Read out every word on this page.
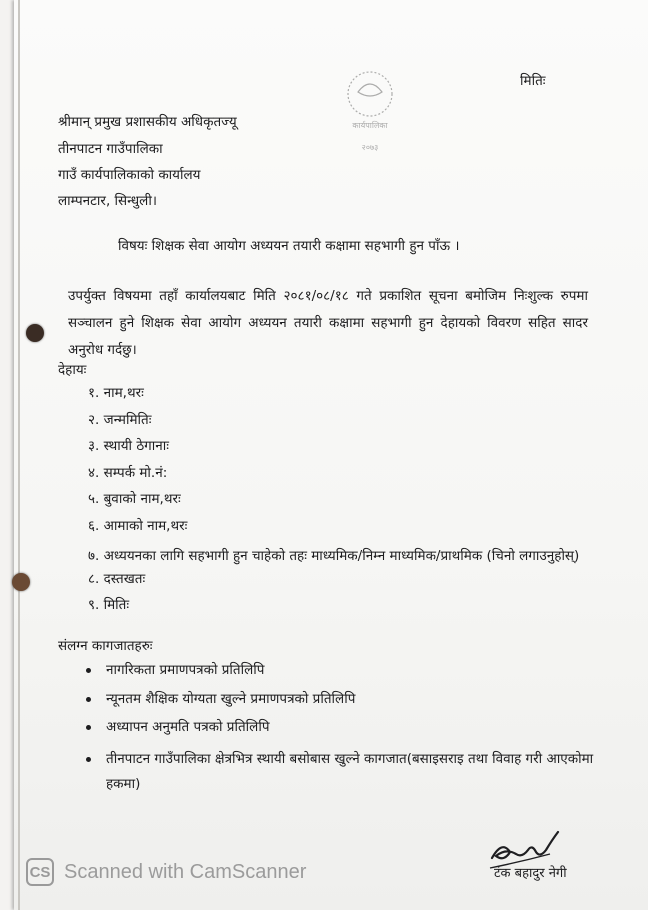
कार्यपालिका
२०७३
मितिः
श्रीमान् प्रमुख प्रशासकीय अधिकृतज्यू
तीनपाटन गाउँपालिका
गाउँ कार्यपालिकाको कार्यालय
लाम्पनटार, सिन्धुली।
विषयः शिक्षक सेवा आयोग अध्ययन तयारी कक्षामा सहभागी हुन पाँऊ ।
उपर्युक्त विषयमा तहाँ कार्यालयबाट मिति २०८१/०८/१८ गते प्रकाशित सूचना बमोजिम निःशुल्क रुपमा सञ्चालन हुने शिक्षक सेवा आयोग अध्ययन तयारी कक्षामा सहभागी हुन देहायको विवरण सहित सादर अनुरोध गर्दछु।
देहायः
१. नाम,थरः
२. जन्ममितिः
३. स्थायी ठेगानाः
४. सम्पर्क मो.नं:
५. बुवाको नाम,थरः
६. आमाको नाम,थरः
७. अध्ययनका लागि सहभागी हुन चाहेको तहः माध्यमिक/निम्न माध्यमिक/प्राथमिक (चिनो लगाउनुहोस्)
८. दस्तखतः
९. मितिः
संलग्न कागजातहरुः
नागरिकता प्रमाणपत्रको प्रतिलिपि
न्यूनतम शैक्षिक योग्यता खुल्ने प्रमाणपत्रको प्रतिलिपि
अध्यापन अनुमति पत्रको प्रतिलिपि
तीनपाटन गाउँपालिका क्षेत्रभित्र स्थायी बसोबास खुल्ने कागजात(बसाइसराइ तथा विवाह गरी आएकोमा हकमा)
टंक बहादुर नेगी
CS Scanned with CamScanner
